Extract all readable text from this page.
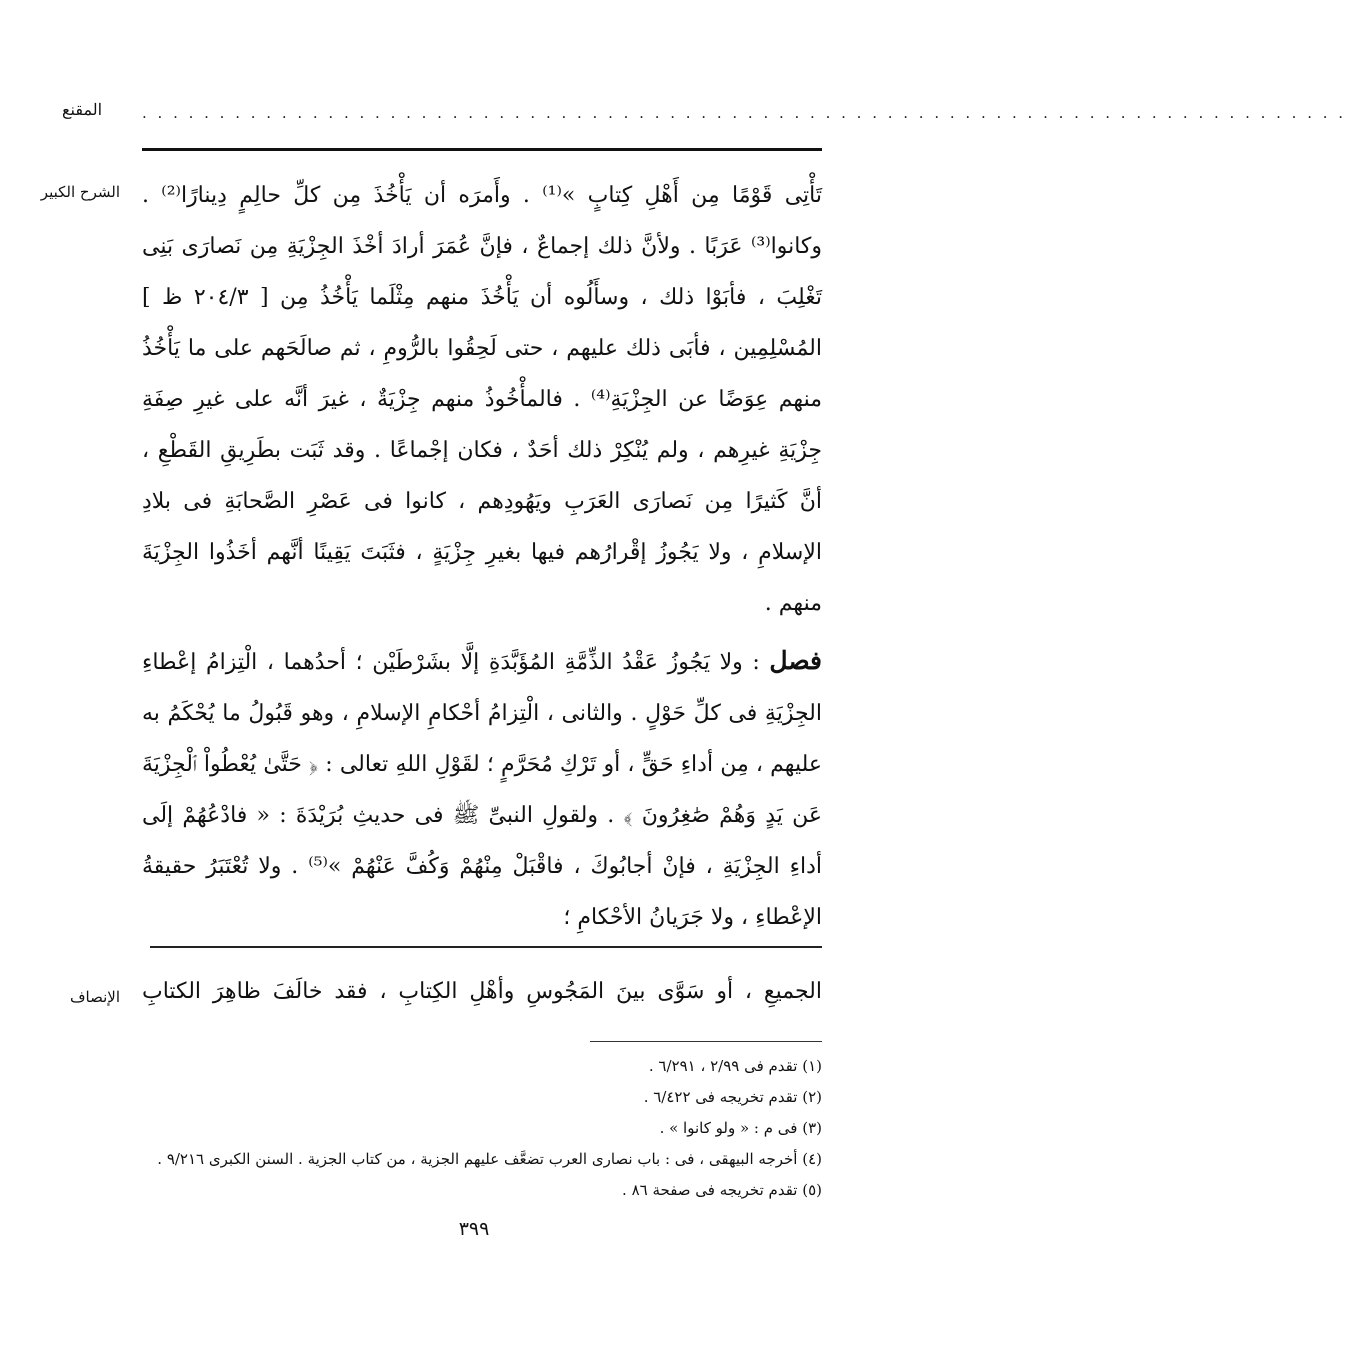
المقنع	. . . . . . . . . . . . . . . . . . . . . . . . . . . . . . . . . . . . . . . . . . . . . . . . . . . . . . . . . . . . . . . . . . . . . . . . . . . . . .
الشرح الكبير تَأْتِى قَوْمًا مِن أَهْلِ كِتابٍ »⁽¹⁾ . وأَمرَه أن يَأْخُذَ مِن كلِّ حالِمٍ دِينارًا⁽²⁾ . وكانوا⁽³⁾ عَرَبًا . ولأنَّ ذلك إجماعٌ ، فإنَّ عُمَرَ أرادَ أخْذَ الجِزْيَةِ مِن نَصارَى بَنِى تَغْلِبَ ، فأبَوْا ذلك ، وسأَلُوه أن يَأْخُذَ منهم مِثْلَما يَأْخُذُ مِن [ ٢٠٤/٣ ظ ] المُسْلِمِين ، فأبَى ذلك عليهم ، حتى لَحِقُوا بالرُّومِ ، ثم صالَحَهم على ما يَأْخُذُ منهم عِوَضًا عن الجِزْيَةِ⁽⁴⁾ . فالمأْخُوذُ منهم جِزْيَةٌ ، غيرَ أنَّه على غيرِ صِفَةِ جِزْيَةِ غيرِهم ، ولم يُنْكِرْ ذلك أحَدٌ ، فكان إجْماعًا . وقد ثَبَت بطَرِيقِ القَطْعِ ، أنَّ كَثيرًا مِن نَصارَى العَرَبِ ويَهُودِهم ، كانوا فى عَصْرِ الصَّحابَةِ فى بلادِ الإسلامِ ، ولا يَجُوزُ إقْرارُهم فيها بغيرِ جِزْيَةٍ ، فثَبَتَ يَقِينًا أنَّهم أخَذُوا الجِزْيَةَ منهم .

فصل : ولا يَجُوزُ عَقْدُ الذِّمَّةِ المُؤَبَّدَةِ إلَّا بشَرْطَيْن ؛ أحدُهما ، الْتِزامُ إعْطاءِ الجِزْيَةِ فى كلِّ حَوْلٍ . والثانى ، الْتِزامُ أحْكامِ الإسلامِ ، وهو قَبُولُ ما يُحْكَمُ به عليهم ، مِن أداءِ حَقٍّ ، أو تَرْكِ مُحَرَّمٍ ؛ لقَوْلِ اللهِ تعالى : ﴿ حَتَّىٰ يُعْطُواْ ٱلْجِزْيَةَ عَن يَدٍ وَهُمْ صَٰغِرُونَ ﴾ . ولقولِ النبىِّ ﷺ فى حديثِ بُرَيْدَةَ : « فادْعُهُمْ إلَى أداءِ الجِزْيَةِ ، فإنْ أجابُوكَ ، فاقْبَلْ مِنْهُمْ وَكُفَّ عَنْهُمْ »⁽⁵⁾ . ولا تُعْتَبَرُ حقيقةُ الإعْطاءِ ، ولا جَرَيانُ الأحْكامِ ؛

الإنصاف الجميعِ ، أو سَوَّى بينَ المَجُوسِ وأهْلِ الكِتابِ ، فقد خالَفَ ظاهِرَ الكتابِ
(١) تقدم فى ٢/٩٩ ، ٦/٢٩١ .
(٢) تقدم تخريجه فى ٦/٤٢٢ .
(٣) فى م : « ولو كانوا » .
(٤) أخرجه البيهقى ، فى : باب نصارى العرب تضعَّف عليهم الجزية ، من كتاب الجزية . السنن الكبرى ٩/٢١٦ .
(٥) تقدم تخريجه فى صفحة ٨٦ .
٣٩٩
